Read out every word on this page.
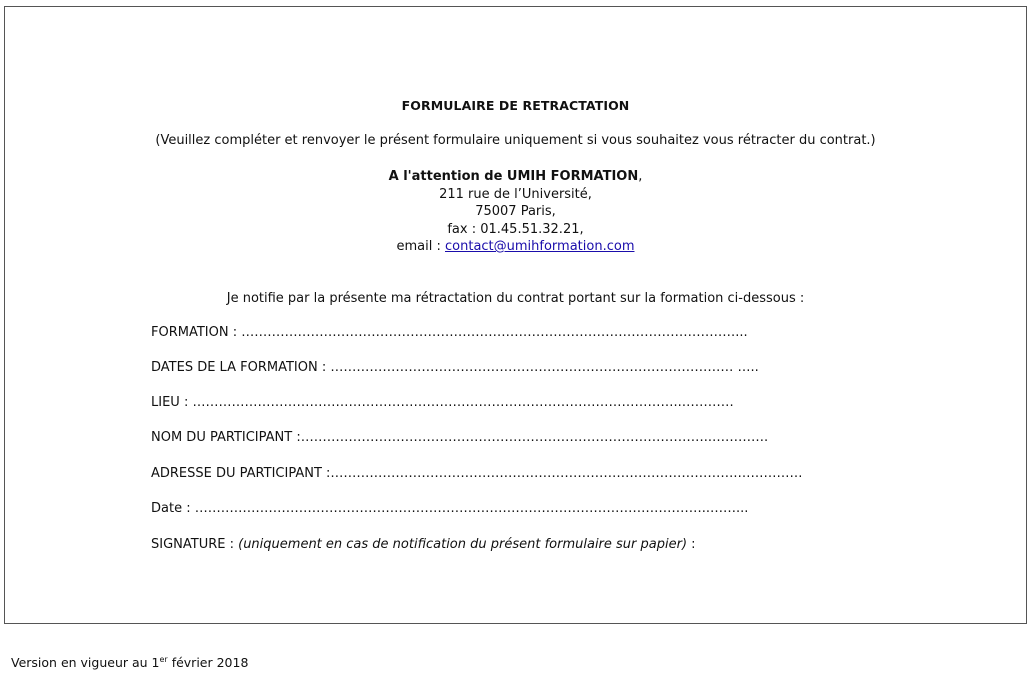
FORMULAIRE DE RETRACTATION
(Veuillez compléter et renvoyer le présent formulaire uniquement si vous souhaitez vous rétracter du contrat.)
A l'attention de UMIH FORMATION,
211 rue de l’Université,
75007 Paris,
fax : 01.45.51.32.21,
email : contact@umihformation.com
Je notifie par la présente ma rétractation du contrat portant sur la formation ci-dessous :
FORMATION : ……………………………………………………………………………………………………...
DATES DE LA FORMATION : ………………………………………………………………………………… …..
LIEU : …………………………………………………………………………………………………..…………
NOM DU PARTICIPANT :…………………………………………………………………………………..………….
ADRESSE DU PARTICIPANT :………………………………………………………………………………….……………
Date : ………………………………………………………………………………………………………..……...
SIGNATURE : (uniquement en cas de notification du présent formulaire sur papier) :
Version en vigueur au 1er février 2018
